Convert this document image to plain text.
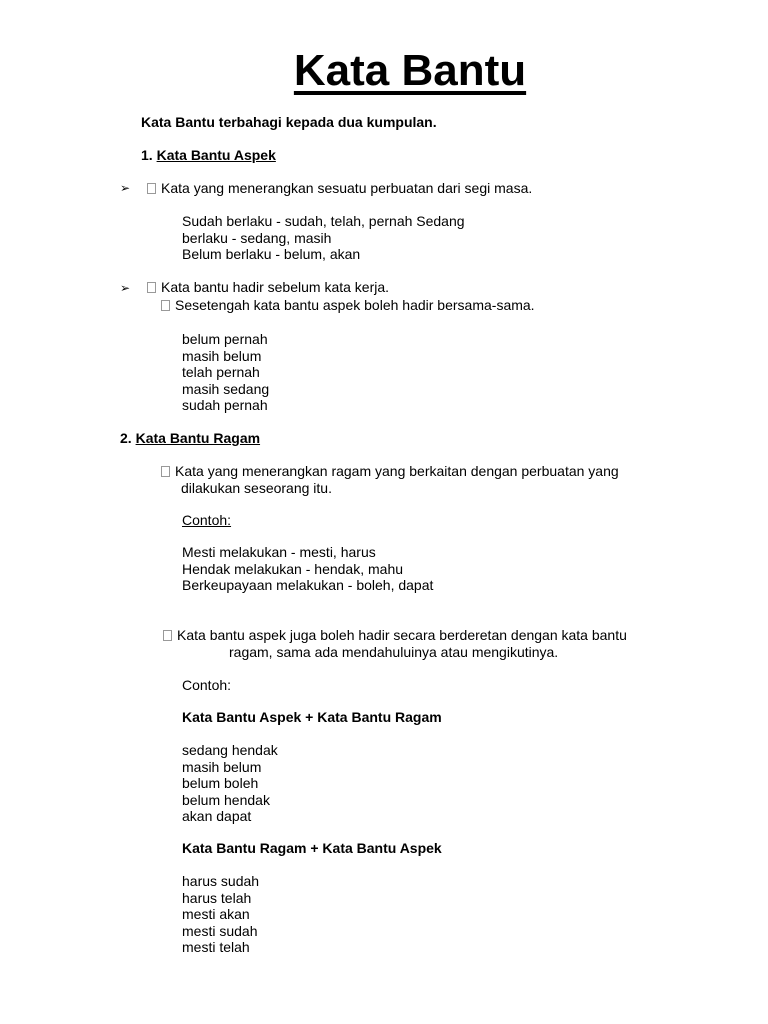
Kata Bantu
Kata Bantu terbahagi kepada dua kumpulan.
1. Kata Bantu Aspek
➢	Kata yang menerangkan sesuatu perbuatan dari segi masa.
Sudah berlaku - sudah, telah, pernah Sedang
berlaku - sedang, masih
Belum berlaku - belum, akan
➢	Kata bantu hadir sebelum kata kerja.
Sesetengah kata bantu aspek boleh hadir bersama-sama.
belum pernah
masih belum
telah pernah
masih sedang
sudah pernah
2. Kata Bantu Ragam
Kata yang menerangkan ragam yang berkaitan dengan perbuatan yang
dilakukan seseorang itu.
Contoh:
Mesti melakukan - mesti, harus
Hendak melakukan - hendak, mahu
Berkeupayaan melakukan - boleh, dapat
Kata bantu aspek juga boleh hadir secara berderetan dengan kata bantu
ragam, sama ada mendahuluinya atau mengikutinya.
Contoh:
Kata Bantu Aspek + Kata Bantu Ragam
sedang hendak
masih belum
belum boleh
belum hendak
akan dapat
Kata Bantu Ragam + Kata Bantu Aspek
harus sudah
harus telah
mesti akan
mesti sudah
mesti telah
